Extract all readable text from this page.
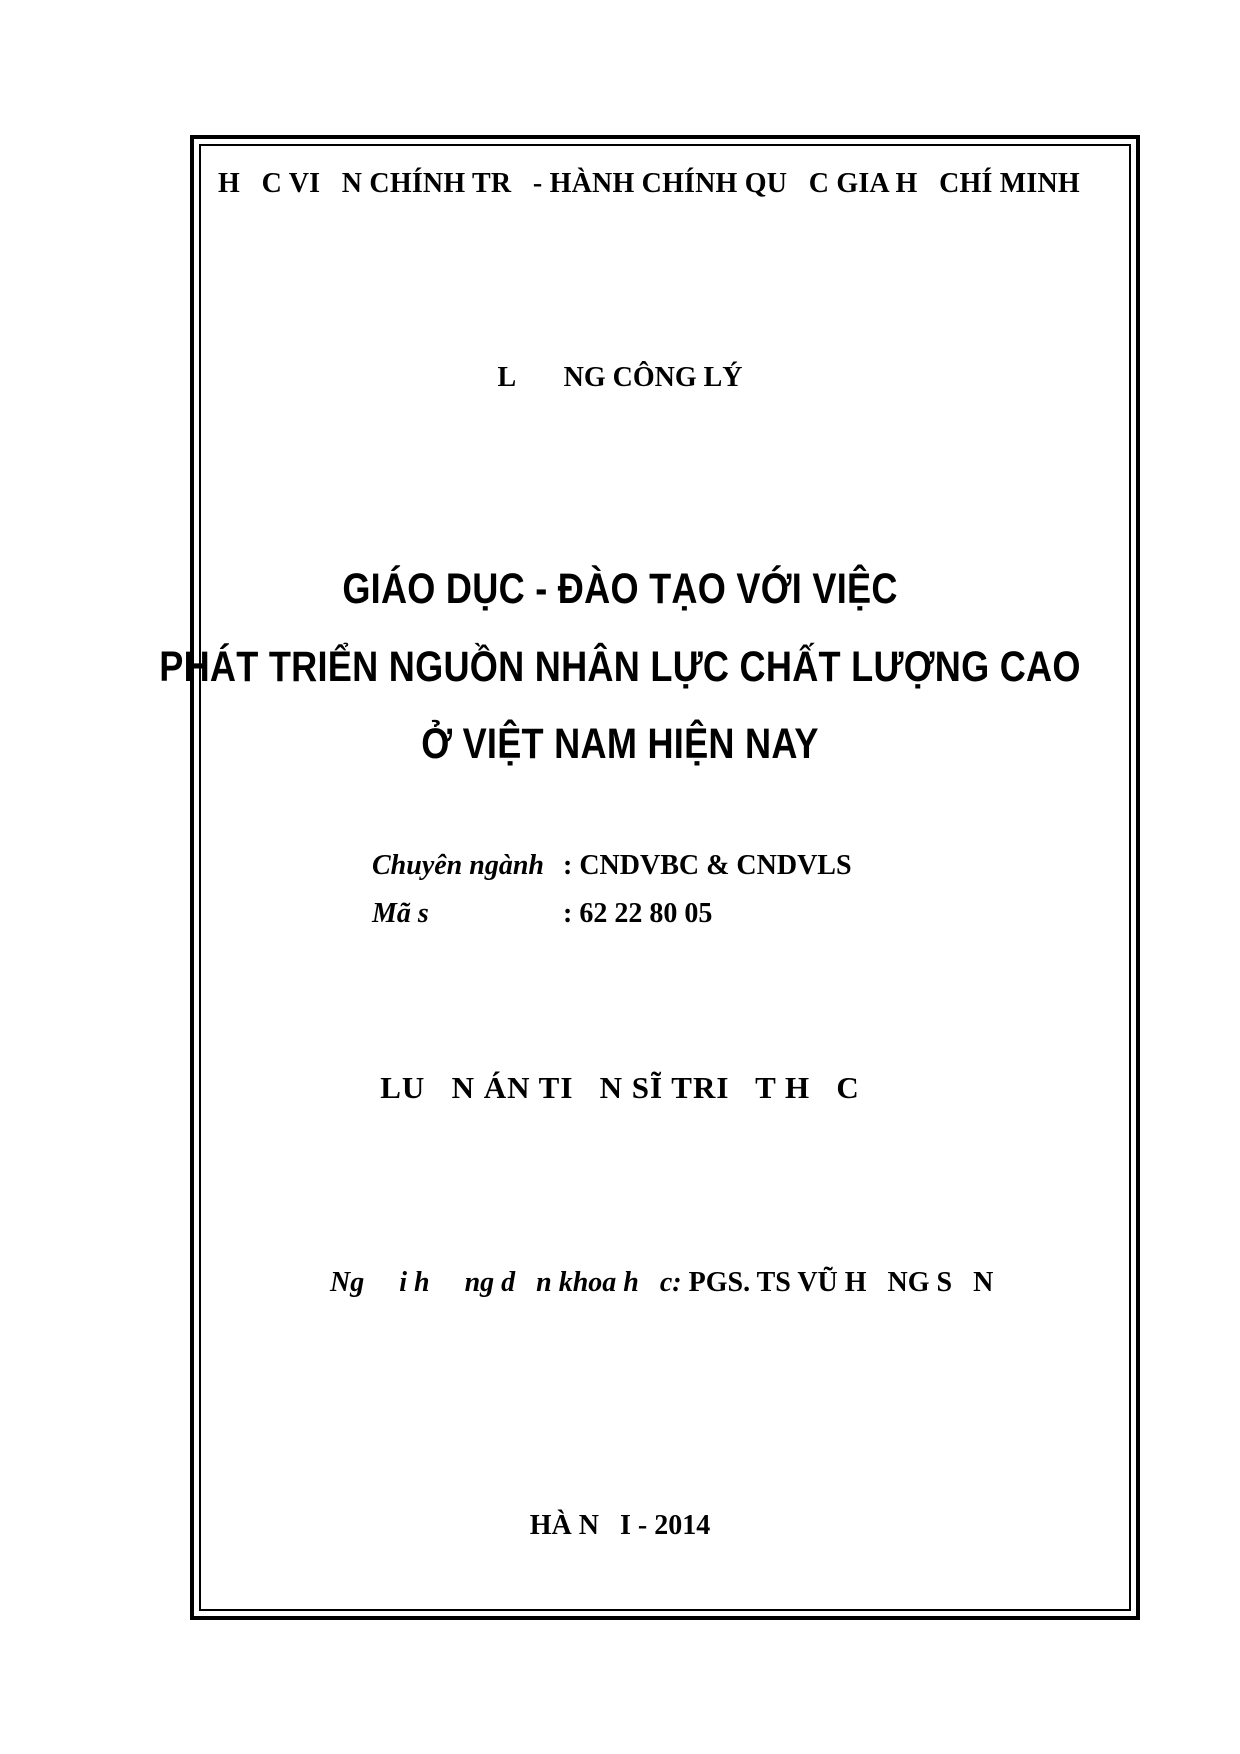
H   C VI   N CHÍNH TR   - HÀNH CHÍNH QU   C GIA H   CHÍ MINH
L       NG CÔNG LÝ
GIÁO DỤC - ĐÀO TẠO VỚI VIỆC
PHÁT TRIỂN NGUỒN NHÂN LỰC CHẤT LƯỢNG CAO
Ở VIỆT NAM HIỆN NAY
Chuyên ngành : CNDVBC & CNDVLS
Mã s	: 62 22 80 05
LU   N ÁN TI   N SĨ TRI   T H   C
Ng     i h     ng d   n khoa h   c: PGS. TS VŨ H   NG S   N
HÀ N   I - 2014
